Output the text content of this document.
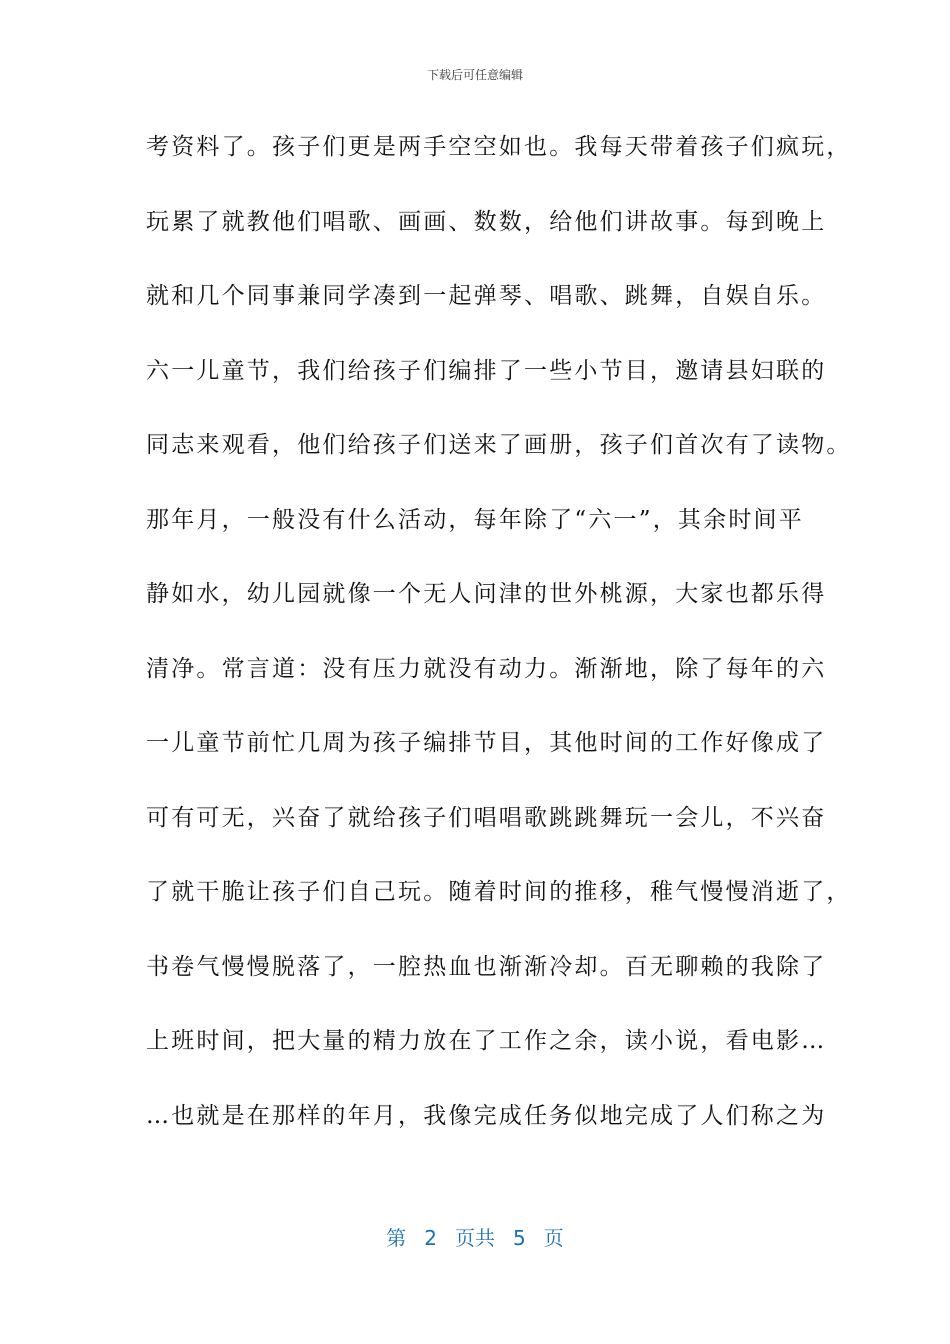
下载后可任意编辑
考资料了。孩子们更是两手空空如也。我每天带着孩子们疯玩，
玩累了就教他们唱歌、画画、数数，给他们讲故事。每到晚上
就和几个同事兼同学凑到一起弹琴、唱歌、跳舞，自娱自乐。
六一儿童节，我们给孩子们编排了一些小节目，邀请县妇联的
同志来观看，他们给孩子们送来了画册，孩子们首次有了读物。
那年月，一般没有什么活动，每年除了“六一”，其余时间平
静如水，幼儿园就像一个无人问津的世外桃源，大家也都乐得
清净。常言道：没有压力就没有动力。渐渐地，除了每年的六
一儿童节前忙几周为孩子编排节目，其他时间的工作好像成了
可有可无，兴奋了就给孩子们唱唱歌跳跳舞玩一会儿，不兴奋
了就干脆让孩子们自己玩。随着时间的推移，稚气慢慢消逝了，
书卷气慢慢脱落了，一腔热血也渐渐冷却。百无聊赖的我除了
上班时间，把大量的精力放在了工作之余，读小说，看电影…
…也就是在那样的年月，我像完成任务似地完成了人们称之为
第 2 页共 5 页
